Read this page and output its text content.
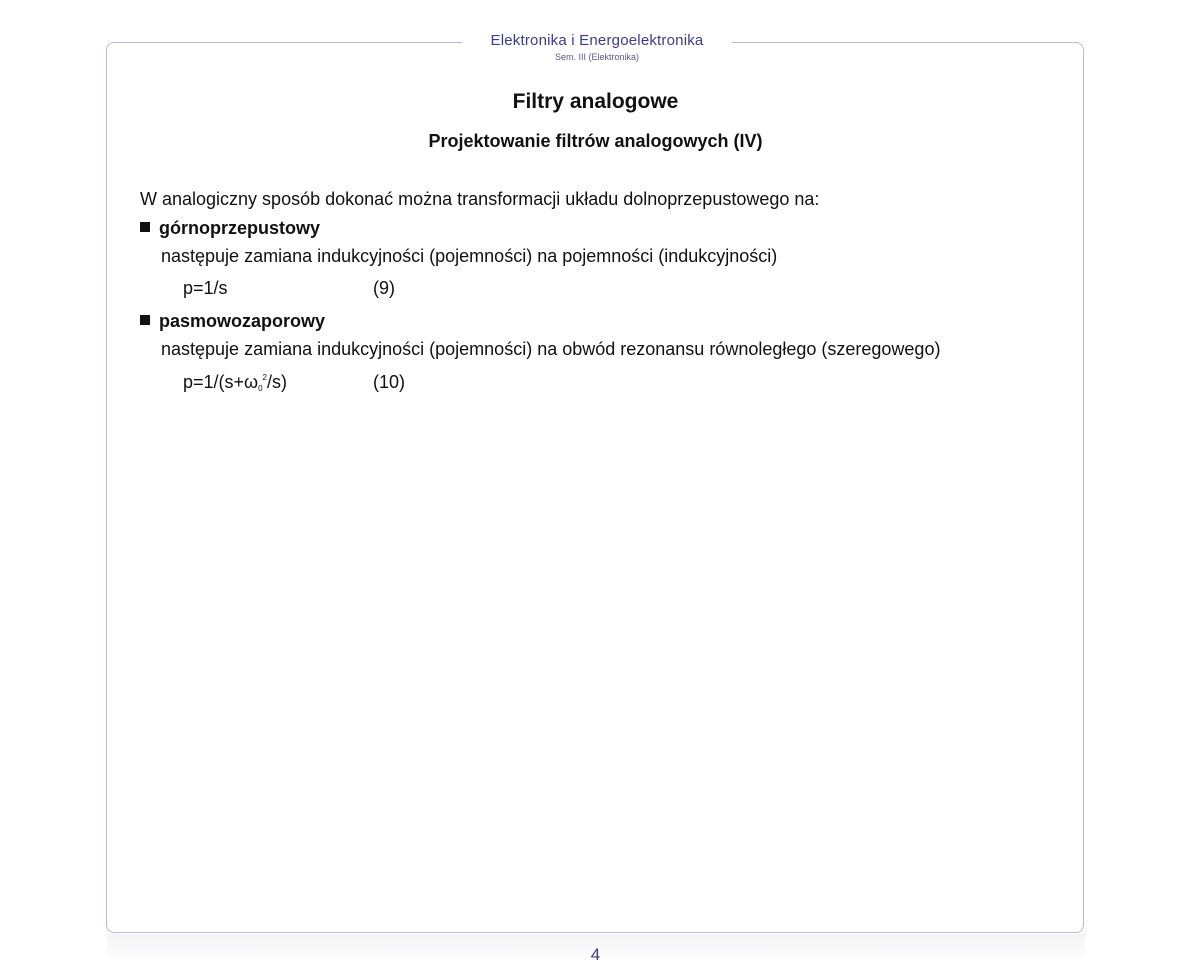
Elektronika i Energoelektronika
Sem. III (Elektronika)
Filtry analogowe
Projektowanie filtrów analogowych (IV)
W analogiczny sposób dokonać można transformacji układu dolnoprzepustowego na:
górnoprzepustowy
następuje zamiana indukcyjności (pojemności) na pojemności (indukcyjności)
p=1/s	(9)
pasmowozaporowy
następuje zamiana indukcyjności (pojemności) na obwód rezonansu równoległego (szeregowego)
$p=1/(s+\omega 0^2/s)$	(10)
4
